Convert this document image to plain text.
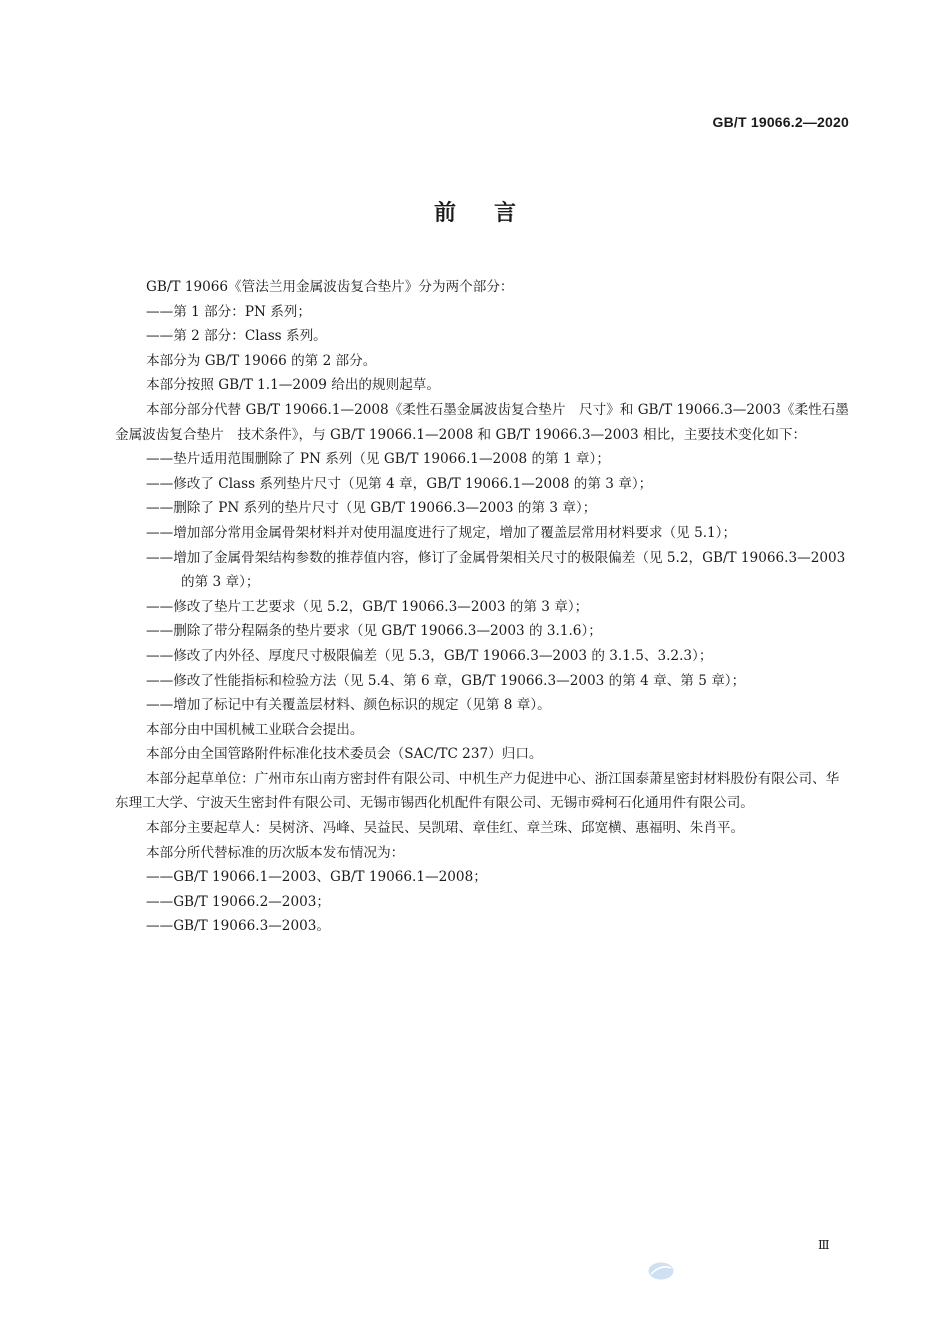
GB/T 19066.2—2020
前言

GB/T 19066《管法兰用金属波齿复合垫片》分为两个部分：

——第 1 部分：PN 系列；

——第 2 部分：Class 系列。

本部分为 GB/T 19066 的第 2 部分。

本部分按照 GB/T 1.1—2009 给出的规则起草。

本部分部分代替 GB/T 19066.1—2008《柔性石墨金属波齿复合垫片　尺寸》和 GB/T 19066.3—2003《柔性石墨金属波齿复合垫片　技术条件》，与 GB/T 19066.1—2008 和 GB/T 19066.3—2003 相比，主要技术变化如下：

——垫片适用范围删除了 PN 系列（见 GB/T 19066.1—2008 的第 1 章）；

——修改了 Class 系列垫片尺寸（见第 4 章，GB/T 19066.1—2008 的第 3 章）；

——删除了 PN 系列的垫片尺寸（见 GB/T 19066.3—2003 的第 3 章）；

——增加部分常用金属骨架材料并对使用温度进行了规定，增加了覆盖层常用材料要求（见 5.1）；

——增加了金属骨架结构参数的推荐值内容，修订了金属骨架相关尺寸的极限偏差（见 5.2，GB/T 19066.3—2003 的第 3 章）；

——修改了垫片工艺要求（见 5.2，GB/T 19066.3—2003 的第 3 章）；

——删除了带分程隔条的垫片要求（见 GB/T 19066.3—2003 的 3.1.6）；

——修改了内外径、厚度尺寸极限偏差（见 5.3，GB/T 19066.3—2003 的 3.1.5、3.2.3）；

——修改了性能指标和检验方法（见 5.4、第 6 章，GB/T 19066.3—2003 的第 4 章、第 5 章）；

——增加了标记中有关覆盖层材料、颜色标识的规定（见第 8 章）。

本部分由中国机械工业联合会提出。

本部分由全国管路附件标准化技术委员会（SAC/TC 237）归口。

本部分起草单位：广州市东山南方密封件有限公司、中机生产力促进中心、浙江国泰萧星密封材料股份有限公司、华东理工大学、宁波天生密封件有限公司、无锡市锡西化机配件有限公司、无锡市舜柯石化通用件有限公司。

本部分主要起草人：吴树济、冯峰、吴益民、吴凯珺、章佳红、章兰珠、邱宽横、惠福明、朱肖平。

本部分所代替标准的历次版本发布情况为：

——GB/T 19066.1—2003、GB/T 19066.1—2008；

——GB/T 19066.2—2003；

——GB/T 19066.3—2003。

Ⅲ
